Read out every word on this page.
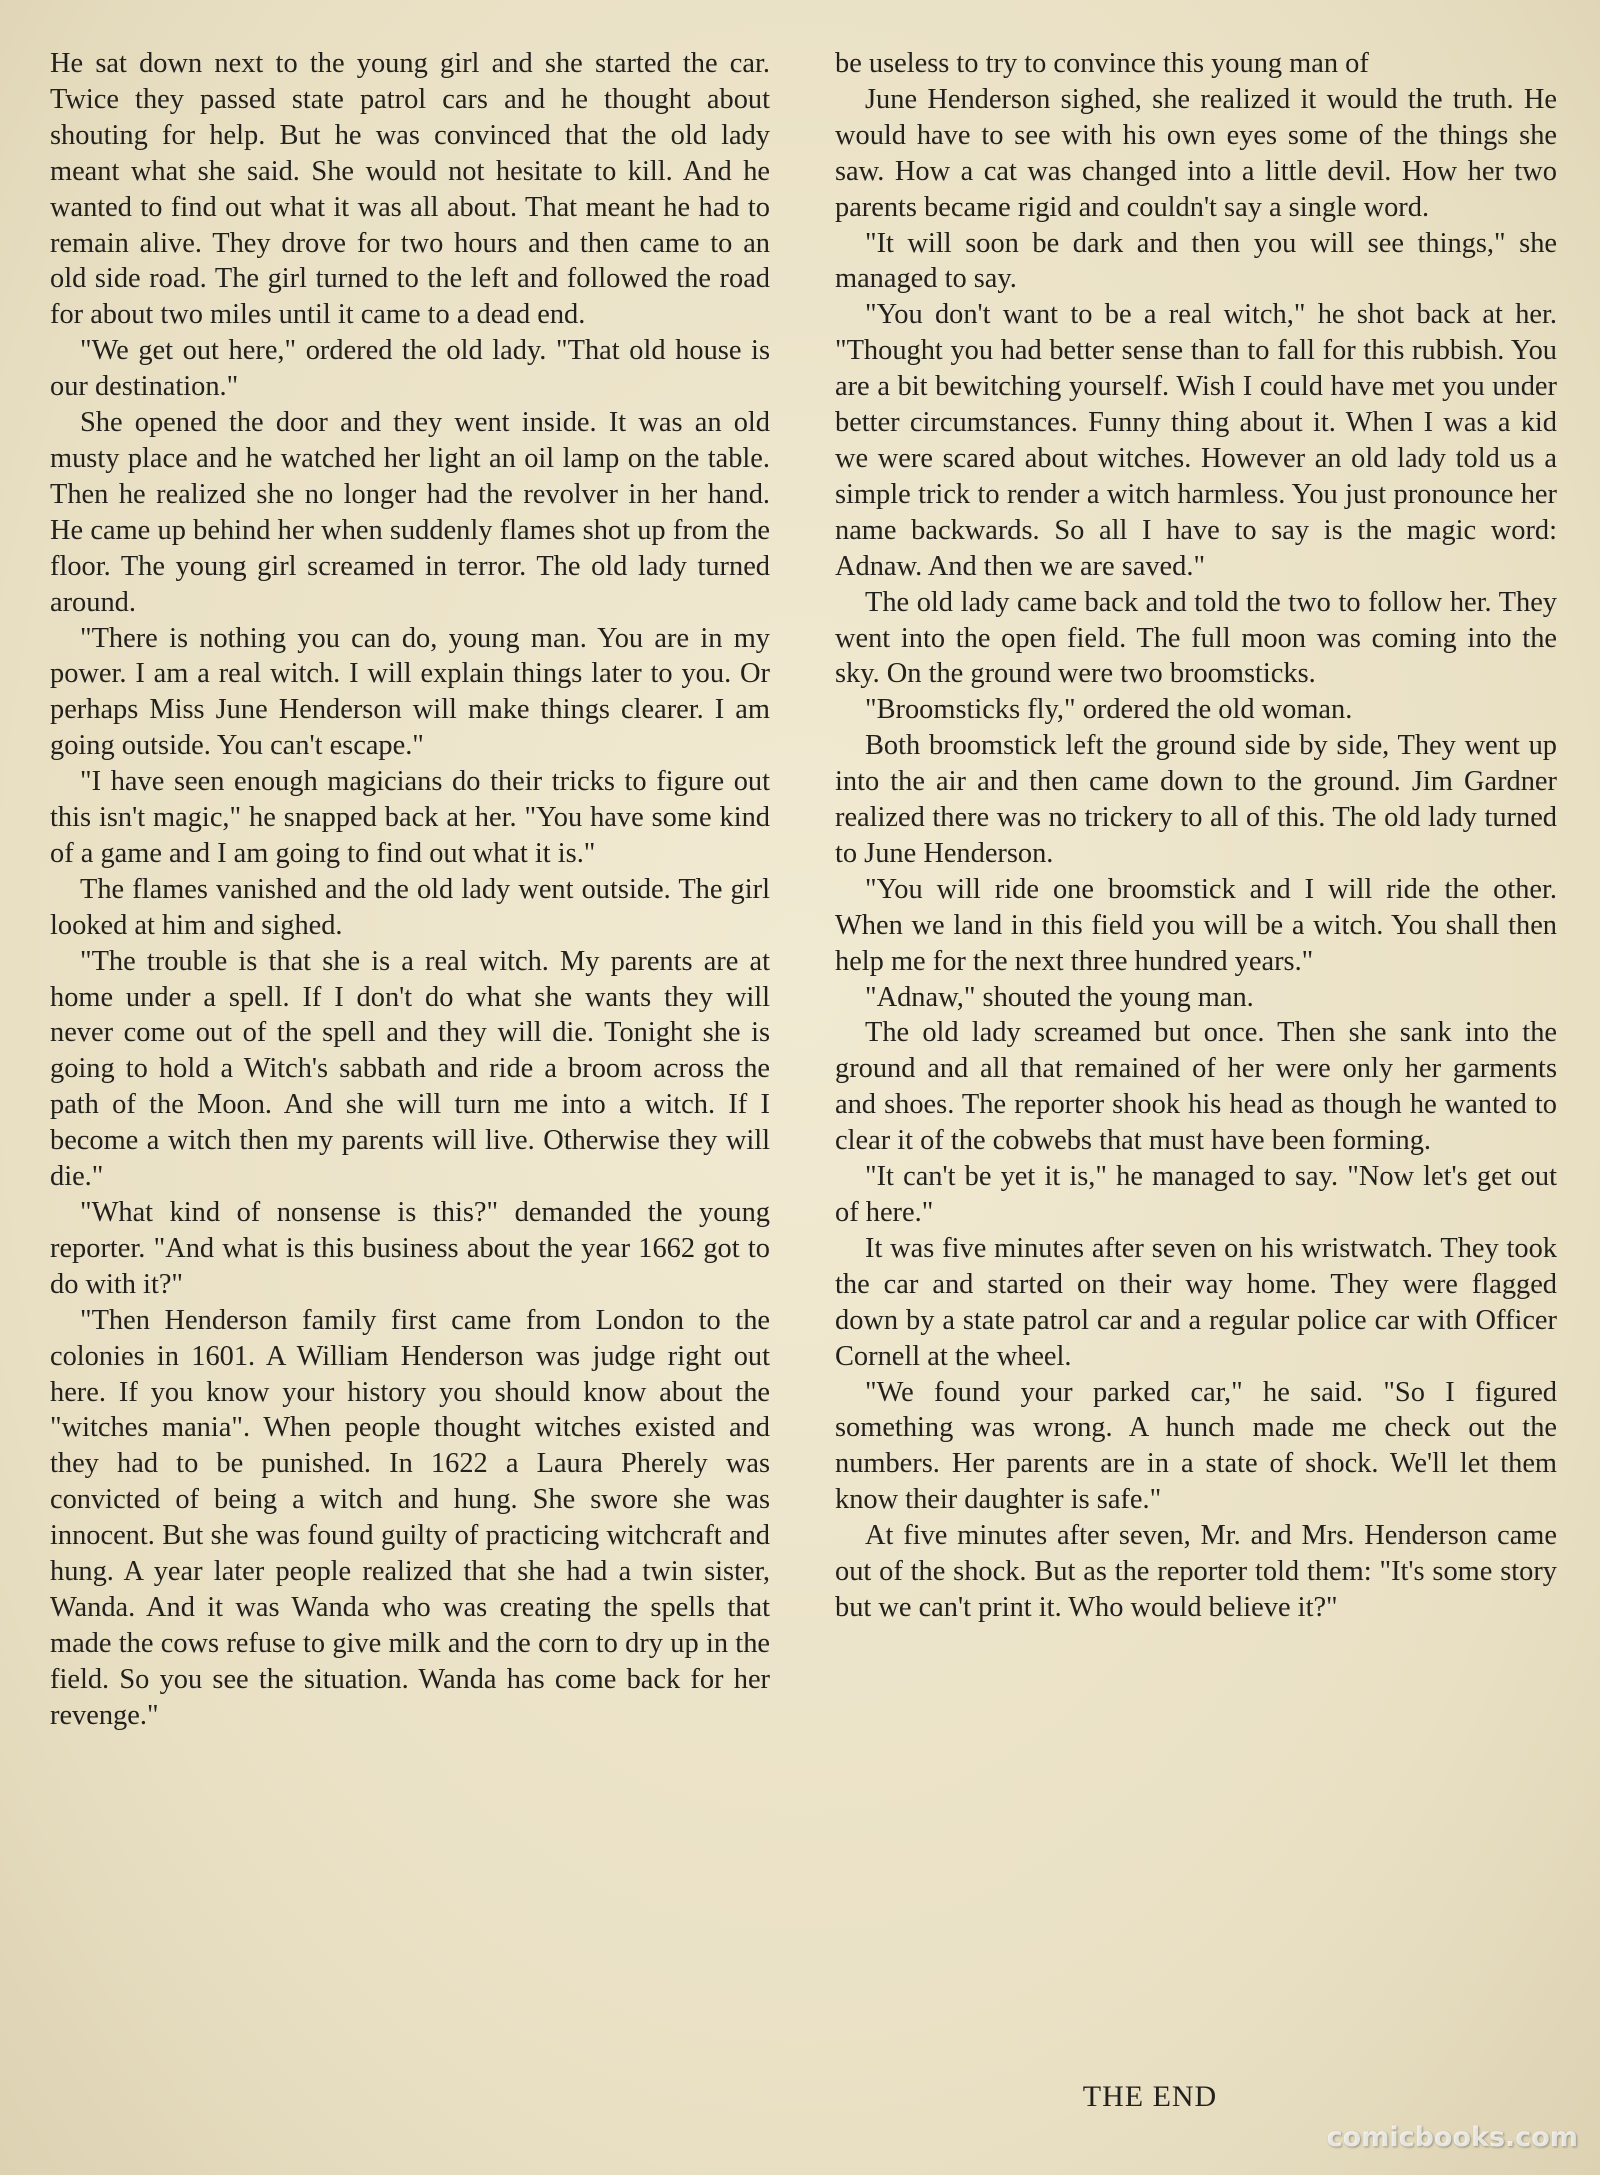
He sat down next to the young girl and she started the car. Twice they passed state patrol cars and he thought about shouting for help. But he was convinced that the old lady meant what she said. She would not hesitate to kill. And he wanted to find out what it was all about. That meant he had to remain alive. They drove for two hours and then came to an old side road. The girl turned to the left and followed the road for about two miles until it came to a dead end.

"We get out here," ordered the old lady. "That old house is our destination."

She opened the door and they went inside. It was an old musty place and he watched her light an oil lamp on the table. Then he realized she no longer had the revolver in her hand. He came up behind her when suddenly flames shot up from the floor. The young girl screamed in terror. The old lady turned around.

"There is nothing you can do, young man. You are in my power. I am a real witch. I will explain things later to you. Or perhaps Miss June Henderson will make things clearer. I am going outside. You can't escape."

"I have seen enough magicians do their tricks to figure out this isn't magic," he snapped back at her. "You have some kind of a game and I am going to find out what it is."

The flames vanished and the old lady went outside. The girl looked at him and sighed.

"The trouble is that she is a real witch. My parents are at home under a spell. If I don't do what she wants they will never come out of the spell and they will die. Tonight she is going to hold a Witch's sabbath and ride a broom across the path of the Moon. And she will turn me into a witch. If I become a witch then my parents will live. Otherwise they will die."

"What kind of nonsense is this?" demanded the young reporter. "And what is this business about the year 1662 got to do with it?"

"Then Henderson family first came from London to the colonies in 1601. A William Henderson was judge right out here. If you know your history you should know about the "witches mania". When people thought witches existed and they had to be punished. In 1622 a Laura Pherely was convicted of being a witch and hung. She swore she was innocent. But she was found guilty of practicing witchcraft and hung. A year later people realized that she had a twin sister, Wanda. And it was Wanda who was creating the spells that made the cows refuse to give milk and the corn to dry up in the field. So you see the situation. Wanda has come back for her revenge."

be useless to try to convince this young man of

June Henderson sighed, she realized it would the truth. He would have to see with his own eyes some of the things she saw. How a cat was changed into a little devil. How her two parents became rigid and couldn't say a single word.

"It will soon be dark and then you will see things," she managed to say.

"You don't want to be a real witch," he shot back at her. "Thought you had better sense than to fall for this rubbish. You are a bit bewitching yourself. Wish I could have met you under better circumstances. Funny thing about it. When I was a kid we were scared about witches. However an old lady told us a simple trick to render a witch harmless. You just pronounce her name backwards. So all I have to say is the magic word: Adnaw. And then we are saved."

The old lady came back and told the two to follow her. They went into the open field. The full moon was coming into the sky. On the ground were two broomsticks.

"Broomsticks fly," ordered the old woman.

Both broomstick left the ground side by side, They went up into the air and then came down to the ground. Jim Gardner realized there was no trickery to all of this. The old lady turned to June Henderson.

"You will ride one broomstick and I will ride the other. When we land in this field you will be a witch. You shall then help me for the next three hundred years."

"Adnaw," shouted the young man.

The old lady screamed but once. Then she sank into the ground and all that remained of her were only her garments and shoes. The reporter shook his head as though he wanted to clear it of the cobwebs that must have been forming.

"It can't be yet it is," he managed to say. "Now let's get out of here."

It was five minutes after seven on his wristwatch. They took the car and started on their way home. They were flagged down by a state patrol car and a regular police car with Officer Cornell at the wheel.

"We found your parked car," he said. "So I figured something was wrong. A hunch made me check out the numbers. Her parents are in a state of shock. We'll let them know their daughter is safe."

At five minutes after seven, Mr. and Mrs. Henderson came out of the shock. But as the reporter told them: "It's some story but we can't print it. Who would believe it?"

THE END
comicbooks.com
